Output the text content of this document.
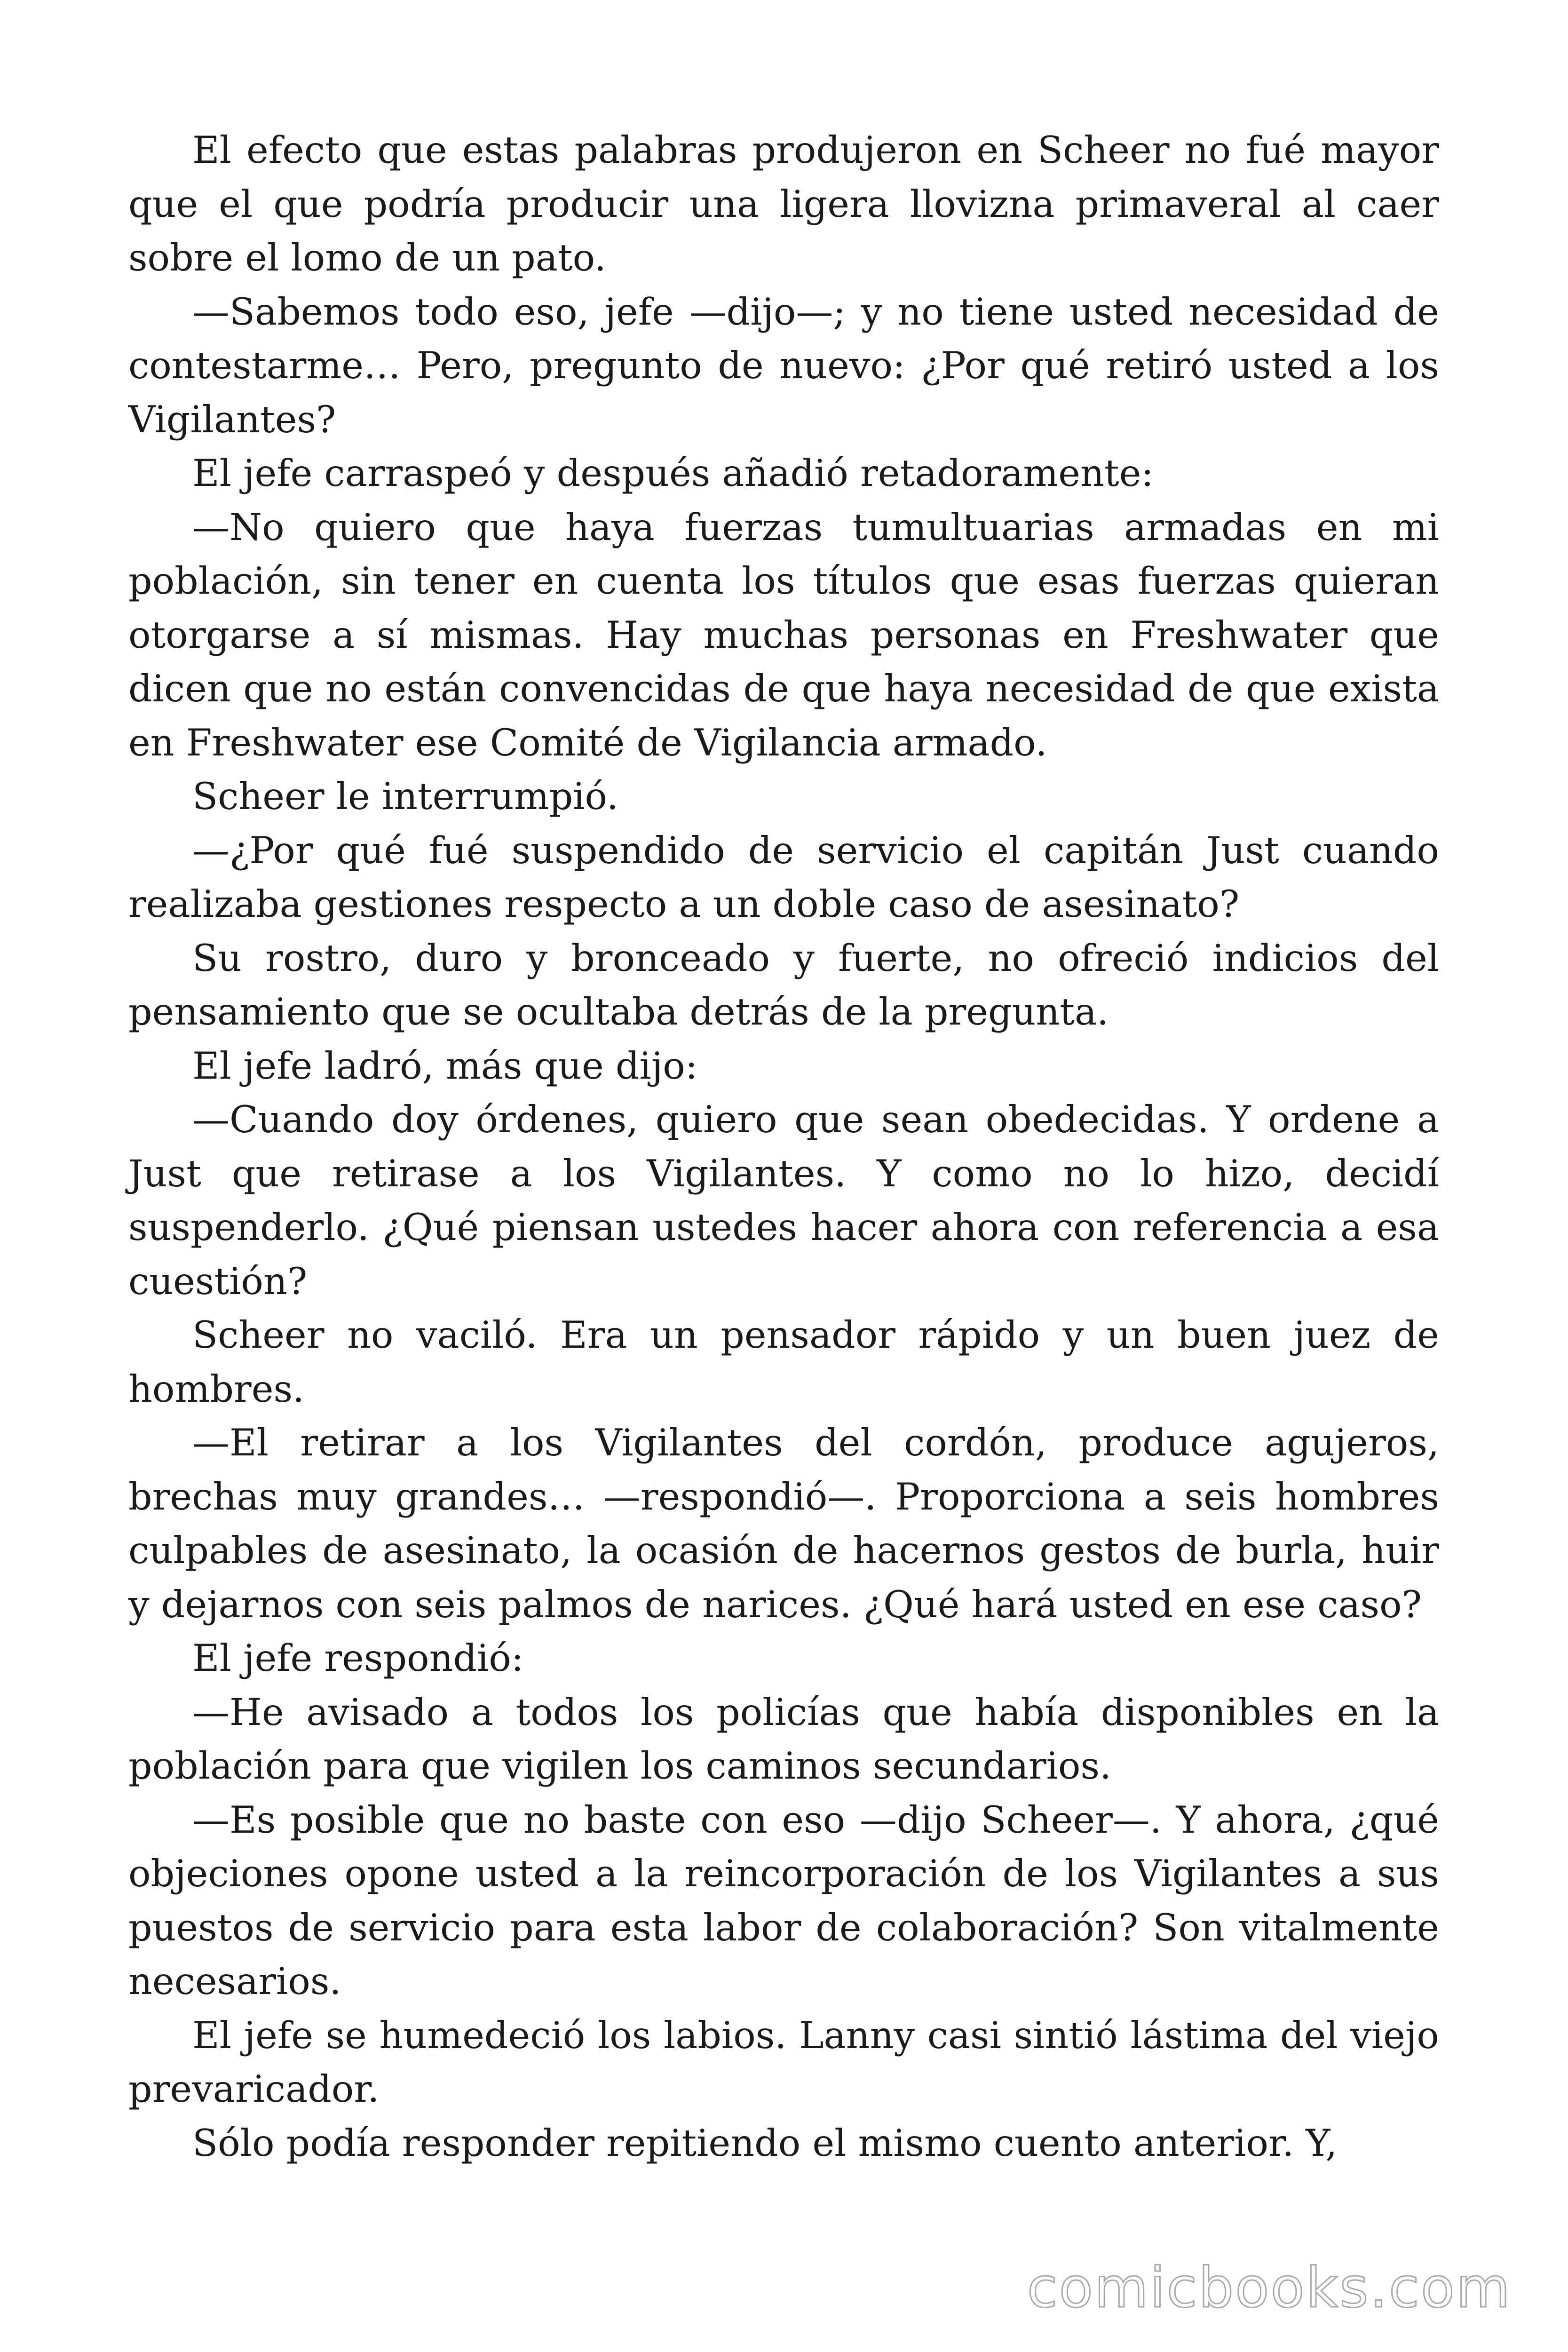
El efecto que estas palabras produjeron en Scheer no fué mayor que el que podría producir una ligera llovizna primaveral al caer sobre el lomo de un pato.

—Sabemos todo eso, jefe —dijo—; y no tiene usted necesidad de contestarme… Pero, pregunto de nuevo: ¿Por qué retiró usted a los Vigilantes?

El jefe carraspeó y después añadió retadoramente:

—No quiero que haya fuerzas tumultuarias armadas en mi población, sin tener en cuenta los títulos que esas fuerzas quieran otorgarse a sí mismas. Hay muchas personas en Freshwater que dicen que no están convencidas de que haya necesidad de que exista en Freshwater ese Comité de Vigilancia armado.

Scheer le interrumpió.

—¿Por qué fué suspendido de servicio el capitán Just cuando realizaba gestiones respecto a un doble caso de asesinato?

Su rostro, duro y bronceado y fuerte, no ofreció indicios del pensamiento que se ocultaba detrás de la pregunta.

El jefe ladró, más que dijo:

—Cuando doy órdenes, quiero que sean obedecidas. Y ordene a Just que retirase a los Vigilantes. Y como no lo hizo, decidí suspenderlo. ¿Qué piensan ustedes hacer ahora con referencia a esa cuestión?

Scheer no vaciló. Era un pensador rápido y un buen juez de hombres.

—El retirar a los Vigilantes del cordón, produce agujeros, brechas muy grandes… —respondió—. Proporciona a seis hombres culpables de asesinato, la ocasión de hacernos gestos de burla, huir y dejarnos con seis palmos de narices. ¿Qué hará usted en ese caso?

El jefe respondió:

—He avisado a todos los policías que había disponibles en la población para que vigilen los caminos secundarios.

—Es posible que no baste con eso —dijo Scheer—. Y ahora, ¿qué objeciones opone usted a la reincorporación de los Vigilantes a sus puestos de servicio para esta labor de colaboración? Son vitalmente necesarios.

El jefe se humedeció los labios. Lanny casi sintió lástima del viejo prevaricador.

Sólo podía responder repitiendo el mismo cuento anterior. Y,

comicbooks.com
